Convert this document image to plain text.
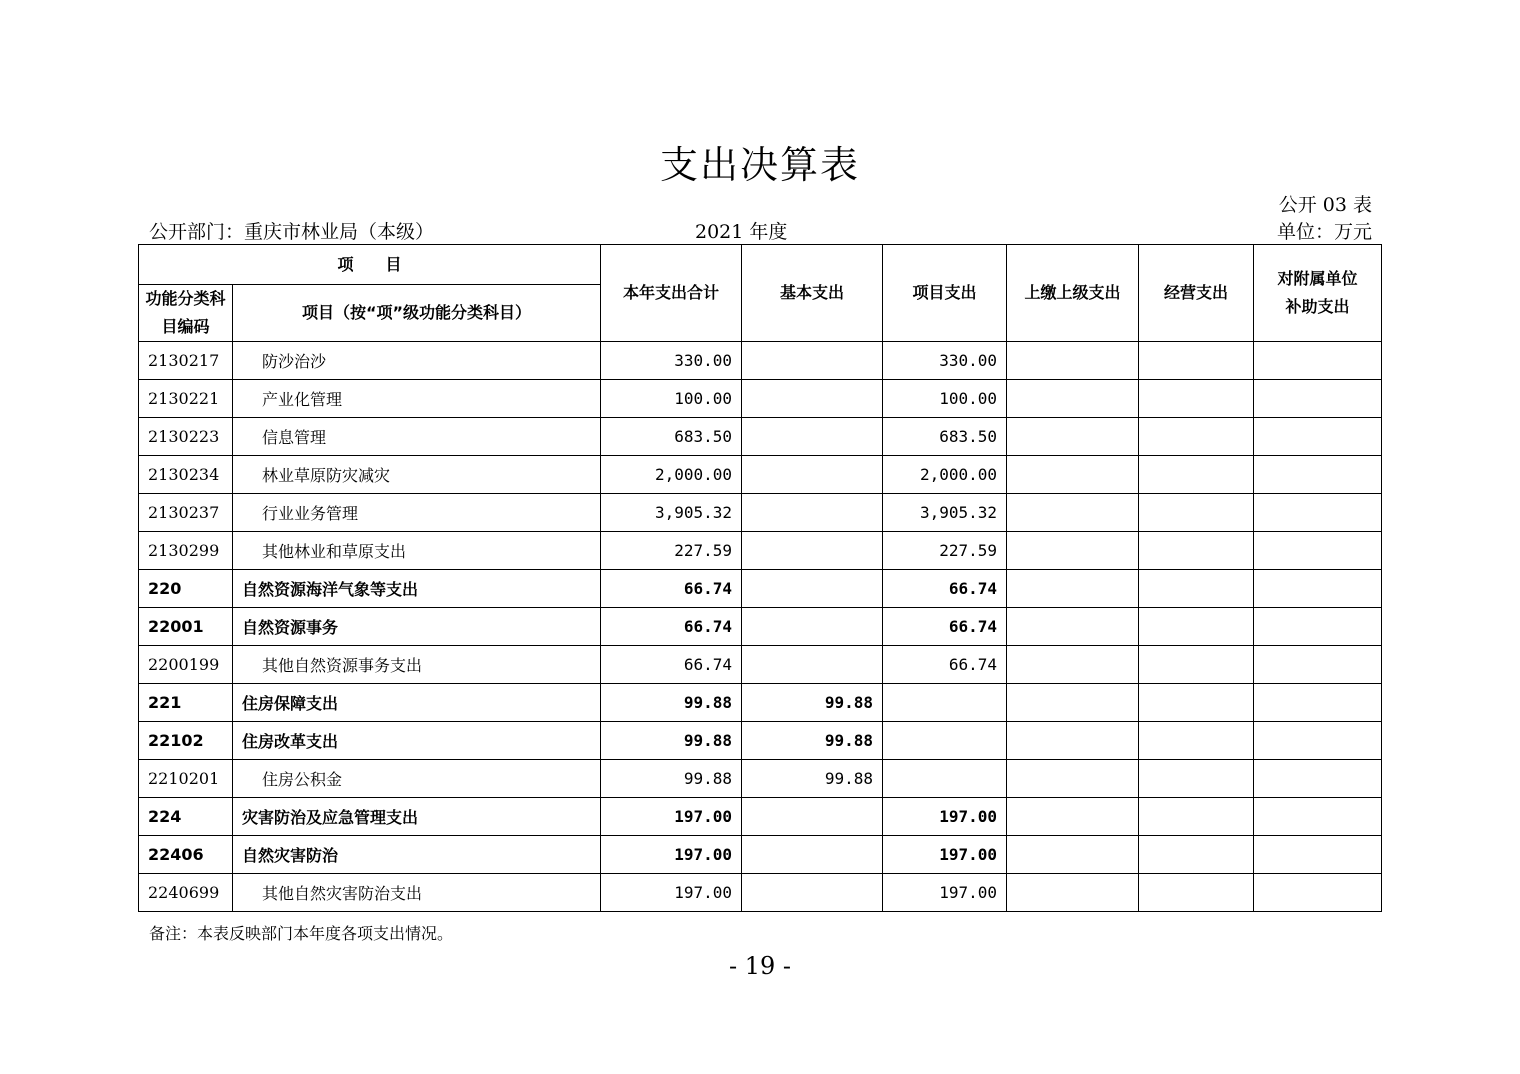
支出决算表
公开 03 表
公开部门：重庆市林业局（本级）	2021 年度	单位：万元
项　　目		本年支出合计	基本支出	项目支出	上缴上级支出	经营支出	对附属单位补助支出
功能分类科目编码	项目（按“项”级功能分类科目）						
2130217	防沙治沙	330.00		330.00			
2130221	产业化管理	100.00		100.00			
2130223	信息管理	683.50		683.50			
2130234	林业草原防灾减灾	2,000.00		2,000.00			
2130237	行业业务管理	3,905.32		3,905.32			
2130299	其他林业和草原支出	227.59		227.59			
220	自然资源海洋气象等支出	66.74		66.74			
22001	自然资源事务	66.74		66.74			
2200199	其他自然资源事务支出	66.74		66.74			
221	住房保障支出	99.88	99.88				
22102	住房改革支出	99.88	99.88				
2210201	住房公积金	99.88	99.88				
224	灾害防治及应急管理支出	197.00		197.00			
22406	自然灾害防治	197.00		197.00			
2240699	其他自然灾害防治支出	197.00		197.00			
备注：本表反映部门本年度各项支出情况。
- 19 -
